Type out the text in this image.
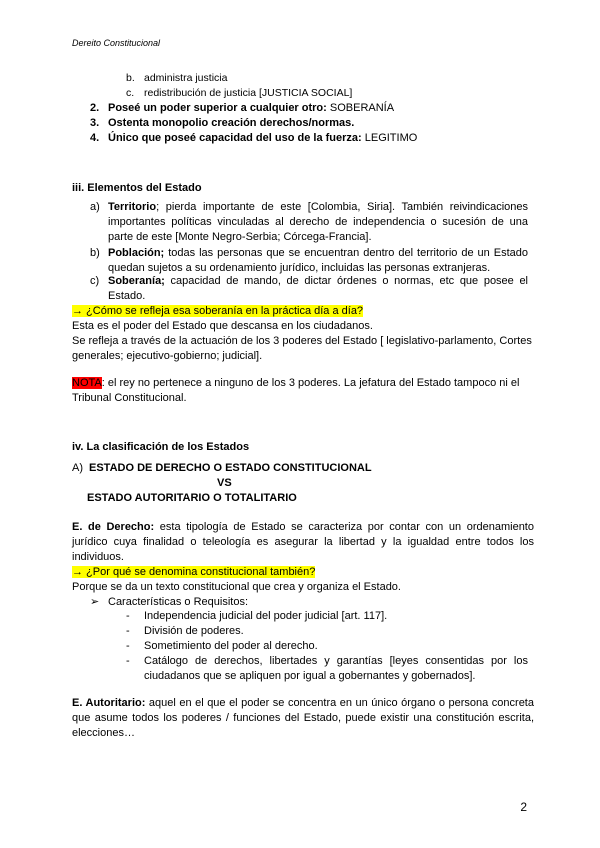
Dereito Constitucional
b. administra justicia
c. redistribución de justicia [JUSTICIA SOCIAL]
2. Poseé un poder superior a cualquier otro: SOBERANÍA
3. Ostenta monopolio creación derechos/normas.
4. Único que poseé capacidad del uso de la fuerza: LEGITIMO
iii. Elementos del Estado
a) Territorio; pierda importante de este [Colombia, Siria]. También reivindicaciones importantes políticas vinculadas al derecho de independencia o sucesión de una parte de este [Monte Negro-Serbia; Córcega-Francia].
b) Población; todas las personas que se encuentran dentro del territorio de un Estado quedan sujetos a su ordenamiento jurídico, incluidas las personas extranjeras.
c) Soberanía; capacidad de mando, de dictar órdenes o normas, etc que posee el Estado.
→ ¿Cómo se refleja esa soberanía en la práctica día a día?
Esta es el poder del Estado que descansa en los ciudadanos.
Se refleja a través de la actuación de los 3 poderes del Estado [ legislativo-parlamento, Cortes generales; ejecutivo-gobierno; judicial].
NOTA: el rey no pertenece a ninguno de los 3 poderes. La jefatura del Estado tampoco ni el Tribunal Constitucional.
iv. La clasificación de los Estados
A) ESTADO DE DERECHO O ESTADO CONSTITUCIONAL
VS
ESTADO AUTORITARIO O TOTALITARIO
E. de Derecho: esta tipología de Estado se caracteriza por contar con un ordenamiento jurídico cuya finalidad o teleología es asegurar la libertad y la igualdad entre todos los individuos.
→ ¿Por qué se denomina constitucional también?
Porque se da un texto constitucional que crea y organiza el Estado.
➢ Características o Requisitos:
- Independencia judicial del poder judicial [art. 117].
- División de poderes.
- Sometimiento del poder al derecho.
- Catálogo de derechos, libertades y garantías [leyes consentidas por los ciudadanos que se apliquen por igual a gobernantes y gobernados].
E. Autoritario: aquel en el que el poder se concentra en un único órgano o persona concreta que asume todos los poderes / funciones del Estado, puede existir una constitución escrita, elecciones…
2
